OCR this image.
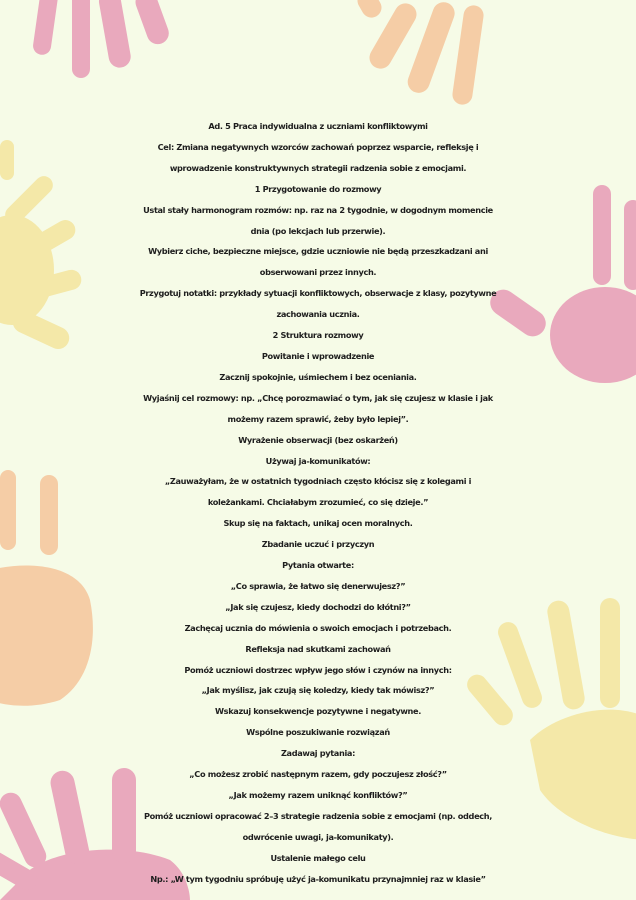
Ad. 5 Praca indywidualna z uczniami konfliktowymi
Cel: Zmiana negatywnych wzorców zachowań poprzez wsparcie, refleksję i
wprowadzenie konstruktywnych strategii radzenia sobie z emocjami.
1 Przygotowanie do rozmowy
Ustal stały harmonogram rozmów: np. raz na 2 tygodnie, w dogodnym momencie
dnia (po lekcjach lub przerwie).
Wybierz ciche, bezpieczne miejsce, gdzie uczniowie nie będą przeszkadzani ani
obserwowani przez innych.
Przygotuj notatki: przykłady sytuacji konfliktowych, obserwacje z klasy, pozytywne
zachowania ucznia.
2 Struktura rozmowy
Powitanie i wprowadzenie
Zacznij spokojnie, uśmiechem i bez oceniania.
Wyjaśnij cel rozmowy: np. „Chcę porozmawiać o tym, jak się czujesz w klasie i jak
możemy razem sprawić, żeby było lepiej”.
Wyrażenie obserwacji (bez oskarżeń)
Używaj ja-komunikatów:
„Zauważyłam, że w ostatnich tygodniach często kłócisz się z kolegami i
koleżankami. Chciałabym zrozumieć, co się dzieje.”
Skup się na faktach, unikaj ocen moralnych.
Zbadanie uczuć i przyczyn
Pytania otwarte:
„Co sprawia, że łatwo się denerwujesz?”
„Jak się czujesz, kiedy dochodzi do kłótni?”
Zachęcaj ucznia do mówienia o swoich emocjach i potrzebach.
Refleksja nad skutkami zachowań
Pomóż uczniowi dostrzec wpływ jego słów i czynów na innych:
„Jak myślisz, jak czują się koledzy, kiedy tak mówisz?”
Wskazuj konsekwencje pozytywne i negatywne.
Wspólne poszukiwanie rozwiązań
Zadawaj pytania:
„Co możesz zrobić następnym razem, gdy poczujesz złość?”
„Jak możemy razem uniknąć konfliktów?”
Pomóż uczniowi opracować 2–3 strategie radzenia sobie z emocjami (np. oddech,
odwrócenie uwagi, ja-komunikaty).
Ustalenie małego celu
Np.: „W tym tygodniu spróbuję użyć ja-komunikatu przynajmniej raz w klasie”
